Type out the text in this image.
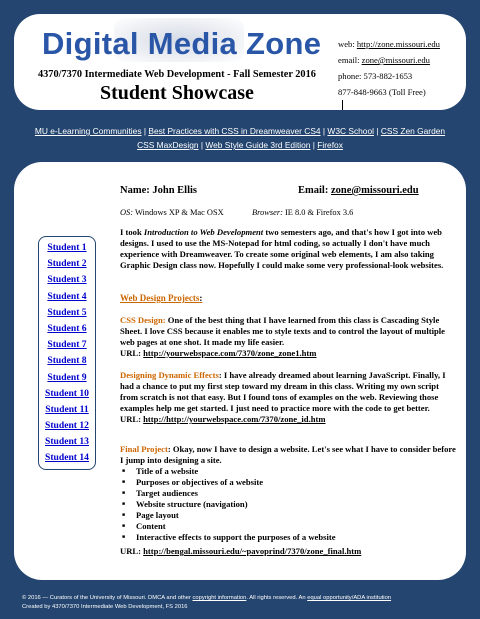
Digital Media Zone
4370/7370 Intermediate Web Development - Fall Semester 2016
Student Showcase
web: http://zone.missouri.edu
email: zone@missouri.edu
phone: 573-882-1653
877-848-9663 (Toll Free)
MU e-Learning Communities | Best Practices with CSS in Dreamweaver CS4 | W3C School | CSS Zen Garden
CSS MaxDesign | Web Style Guide 3rd Edition | Firefox
Student 1
Student 2
Student 3
Student 4
Student 5
Student 6
Student 7
Student 8
Student 9
Student 10
Student 11
Student 12
Student 13
Student 14
Name: John Ellis	Email: zone@missouri.edu
OS: Windows XP & Mac OSX	Browser: IE 8.0 & Firefox 3.6
I took Introduction to Web Development two semesters ago, and that's how I got into web designs. I used to use the MS-Notepad for html coding, so actually I don't have much experience with Dreamweaver. To create some original web elements, I am also taking Graphic Design class now. Hopefully I could make some very professional-look websites.
Web Design Projects:
CSS Design: One of the best thing that I have learned from this class is Cascading Style Sheet. I love CSS because it enables me to style texts and to control the layout of multiple web pages at one shot. It made my life easier.
URL: http://yourwebspace.com/7370/zone_zone1.htm
Designing Dynamic Effects: I have already dreamed about learning JavaScript. Finally, I had a chance to put my first step toward my dream in this class. Writing my own script from scratch is not that easy. But I found tons of examples on the web. Reviewing those examples help me get started. I just need to practice more with the code to get better.
URL: http://http://yourwebspace.com/7370/zone_id.htm
Final Project: Okay, now I have to design a website. Let's see what I have to consider before I jump into designing a site.
■ Title of a website
■ Purposes or objectives of a website
■ Target audiences
■ Website structure (navigation)
■ Page layout
■ Content
■ Interactive effects to support the purposes of a website
URL: http://bengal.missouri.edu/~pavoprind/7370/zone_final.htm
© 2016 — Curators of the University of Missouri. DMCA and other copyright information. All rights reserved. An equal opportunity/ADA institution
Created by 4370/7370 Intermediate Web Development, FS 2016
